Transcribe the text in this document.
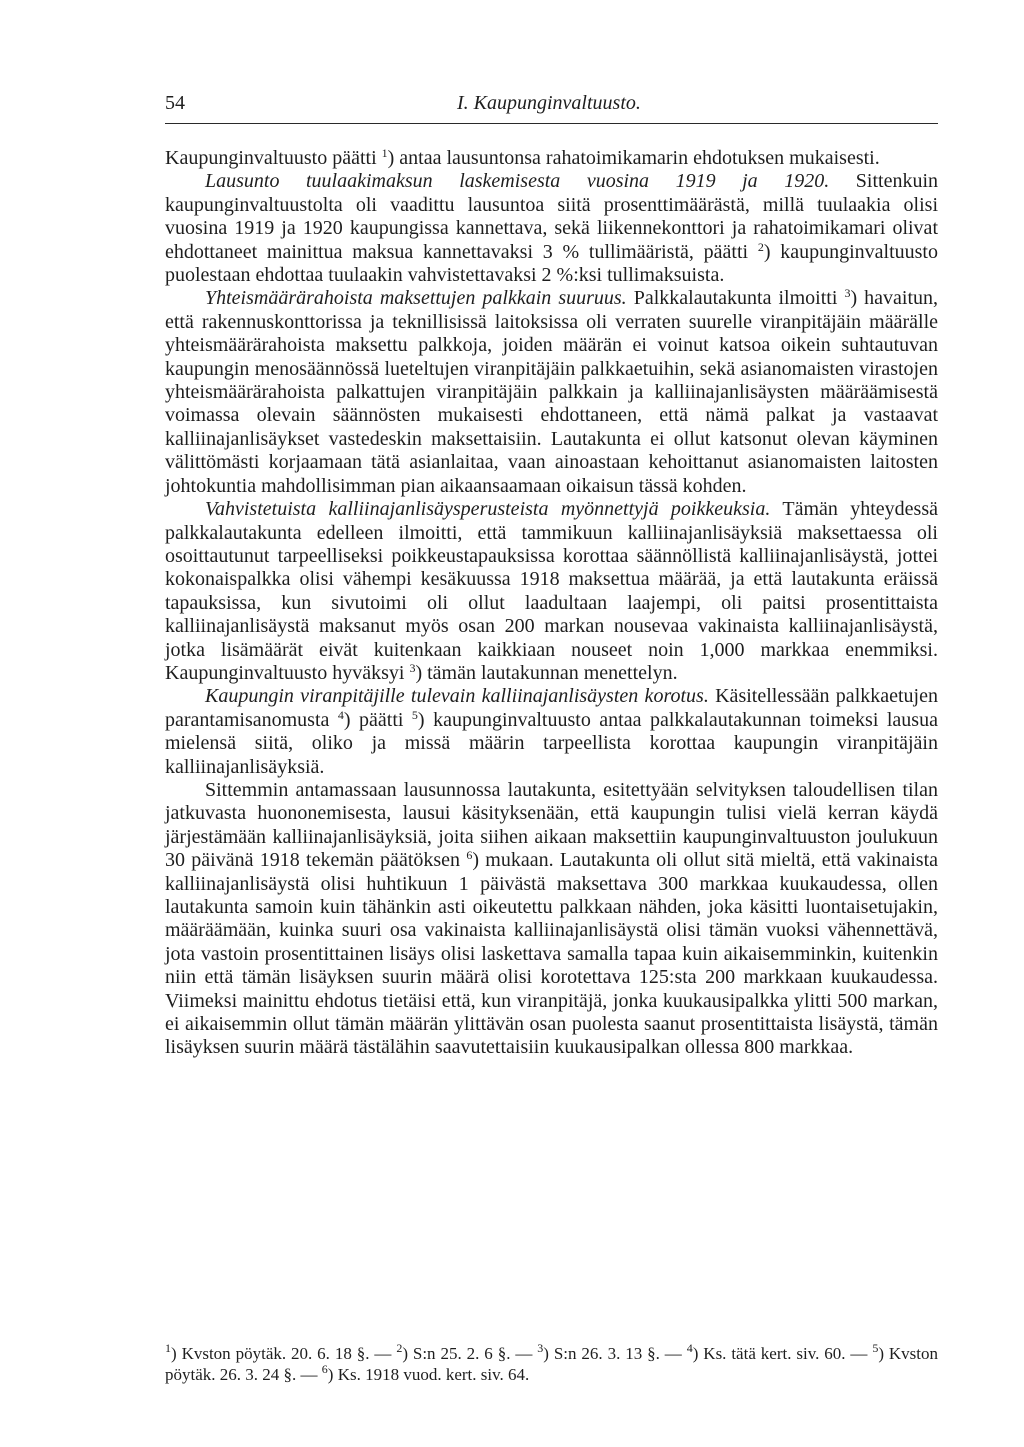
54	I. Kaupunginvaltuusto.

Kaupunginvaltuusto päätti $^1$) antaa lausuntonsa rahatoimikamarin ehdotuksen mukaisesti.

Lausunto tuulaakimaksun laskemisesta vuosina 1919 ja 1920. Sittenkuin kaupunginvaltuustolta oli vaadittu lausuntoa siitä prosenttimäärästä, millä tuulaakia olisi vuosina 1919 ja 1920 kaupungissa kannettava, sekä liikennekonttori ja rahatoimikamari olivat ehdottaneet mainittua maksua kannettavaksi 3 % tullimääristä, päätti $^2$) kaupunginvaltuusto puolestaan ehdottaa tuulaakin vahvistettavaksi 2 %:ksi tullimaksuista.

Yhteismäärärahoista maksettujen palkkain suuruus. Palkkalautakunta ilmoitti $^3$) havaitun, että rakennuskonttorissa ja teknillisissä laitoksissa oli verraten suurelle viranpitäjäin määrälle yhteismäärärahoista maksettu palkkoja, joiden määrän ei voinut katsoa oikein suhtautuvan kaupungin menosäännössä lueteltujen viranpitäjäin palkkaetuihin, sekä asianomaisten virastojen yhteismäärärahoista palkattujen viranpitäjäin palkkain ja kalliinajanlisäysten määräämisestä voimassa olevain säännösten mukaisesti ehdottaneen, että nämä palkat ja vastaavat kalliinajanlisäykset vastedeskin maksettaisiin. Lautakunta ei ollut katsonut olevan käyminen välittömästi korjaamaan tätä asianlaitaa, vaan ainoastaan kehoittanut asianomaisten laitosten johtokuntia mahdollisimman pian aikaansaamaan oikaisun tässä kohden.

Vahvistetuista kalliinajanlisäysperusteista myönnettyjä poikkeuksia. Tämän yhteydessä palkkalautakunta edelleen ilmoitti, että tammikuun kalliinajanlisäyksiä maksettaessa oli osoittautunut tarpeelliseksi poikkeustapauksissa korottaa säännöllistä kalliinajanlisäystä, jottei kokonaispalkka olisi vähempi kesäkuussa 1918 maksettua määrää, ja että lautakunta eräissä tapauksissa, kun sivutoimi oli ollut laadultaan laajempi, oli paitsi prosentittaista kalliinajanlisäystä maksanut myös osan 200 markan nousevaa vakinaista kalliinajanlisäystä, jotka lisämäärät eivät kuitenkaan kaikkiaan nouseet noin 1,000 markkaa enemmiksi. Kaupunginvaltuusto hyväksyi $^3$) tämän lautakunnan menettelyn.

Kaupungin viranpitäjille tulevain kalliinajanlisäysten korotus. Käsitellessään palkkaetujen parantamisanomusta $^4$) päätti $^5$) kaupunginvaltuusto antaa palkkalautakunnan toimeksi lausua mielensä siitä, oliko ja missä määrin tarpeellista korottaa kaupungin viranpitäjäin kalliinajanlisäyksiä.

Sittemmin antamassaan lausunnossa lautakunta, esitettyään selvityksen taloudellisen tilan jatkuvasta huononemisesta, lausui käsityksenään, että kaupungin tulisi vielä kerran käydä järjestämään kalliinajanlisäyksiä, joita siihen aikaan maksettiin kaupunginvaltuuston joulukuun 30 päivänä 1918 tekemän päätöksen $^6$) mukaan. Lautakunta oli ollut sitä mieltä, että vakinaista kalliinajanlisäystä olisi huhtikuun 1 päivästä maksettava 300 markkaa kuukaudessa, ollen lautakunta samoin kuin tähänkin asti oikeutettu palkkaan nähden, joka käsitti luontaisetujakin, määräämään, kuinka suuri osa vakinaista kalliinajanlisäystä olisi tämän vuoksi vähennettävä, jota vastoin prosentittainen lisäys olisi laskettava samalla tapaa kuin aikaisemminkin, kuitenkin niin että tämän lisäyksen suurin määrä olisi korotettava 125:sta 200 markkaan kuukaudessa. Viimeksi mainittu ehdotus tietäisi että, kun viranpitäjä, jonka kuukausipalkka ylitti 500 markan, ei aikaisemmin ollut tämän määrän ylittävän osan puolesta saanut prosentittaista lisäystä, tämän lisäyksen suurin määrä tästälähin saavutettaisiin kuukausipalkan ollessa 800 markkaa.

$^1$) Kvston pöytäk. 20. 6. 18 §. — $^2$) S:n 25. 2. 6 §. — $^3$) S:n 26. 3. 13 §. — $^4$) Ks. tätä kert. siv. 60. — $^5$) Kvston pöytäk. 26. 3. 24 §. — $^6$) Ks. 1918 vuod. kert. siv. 64.
